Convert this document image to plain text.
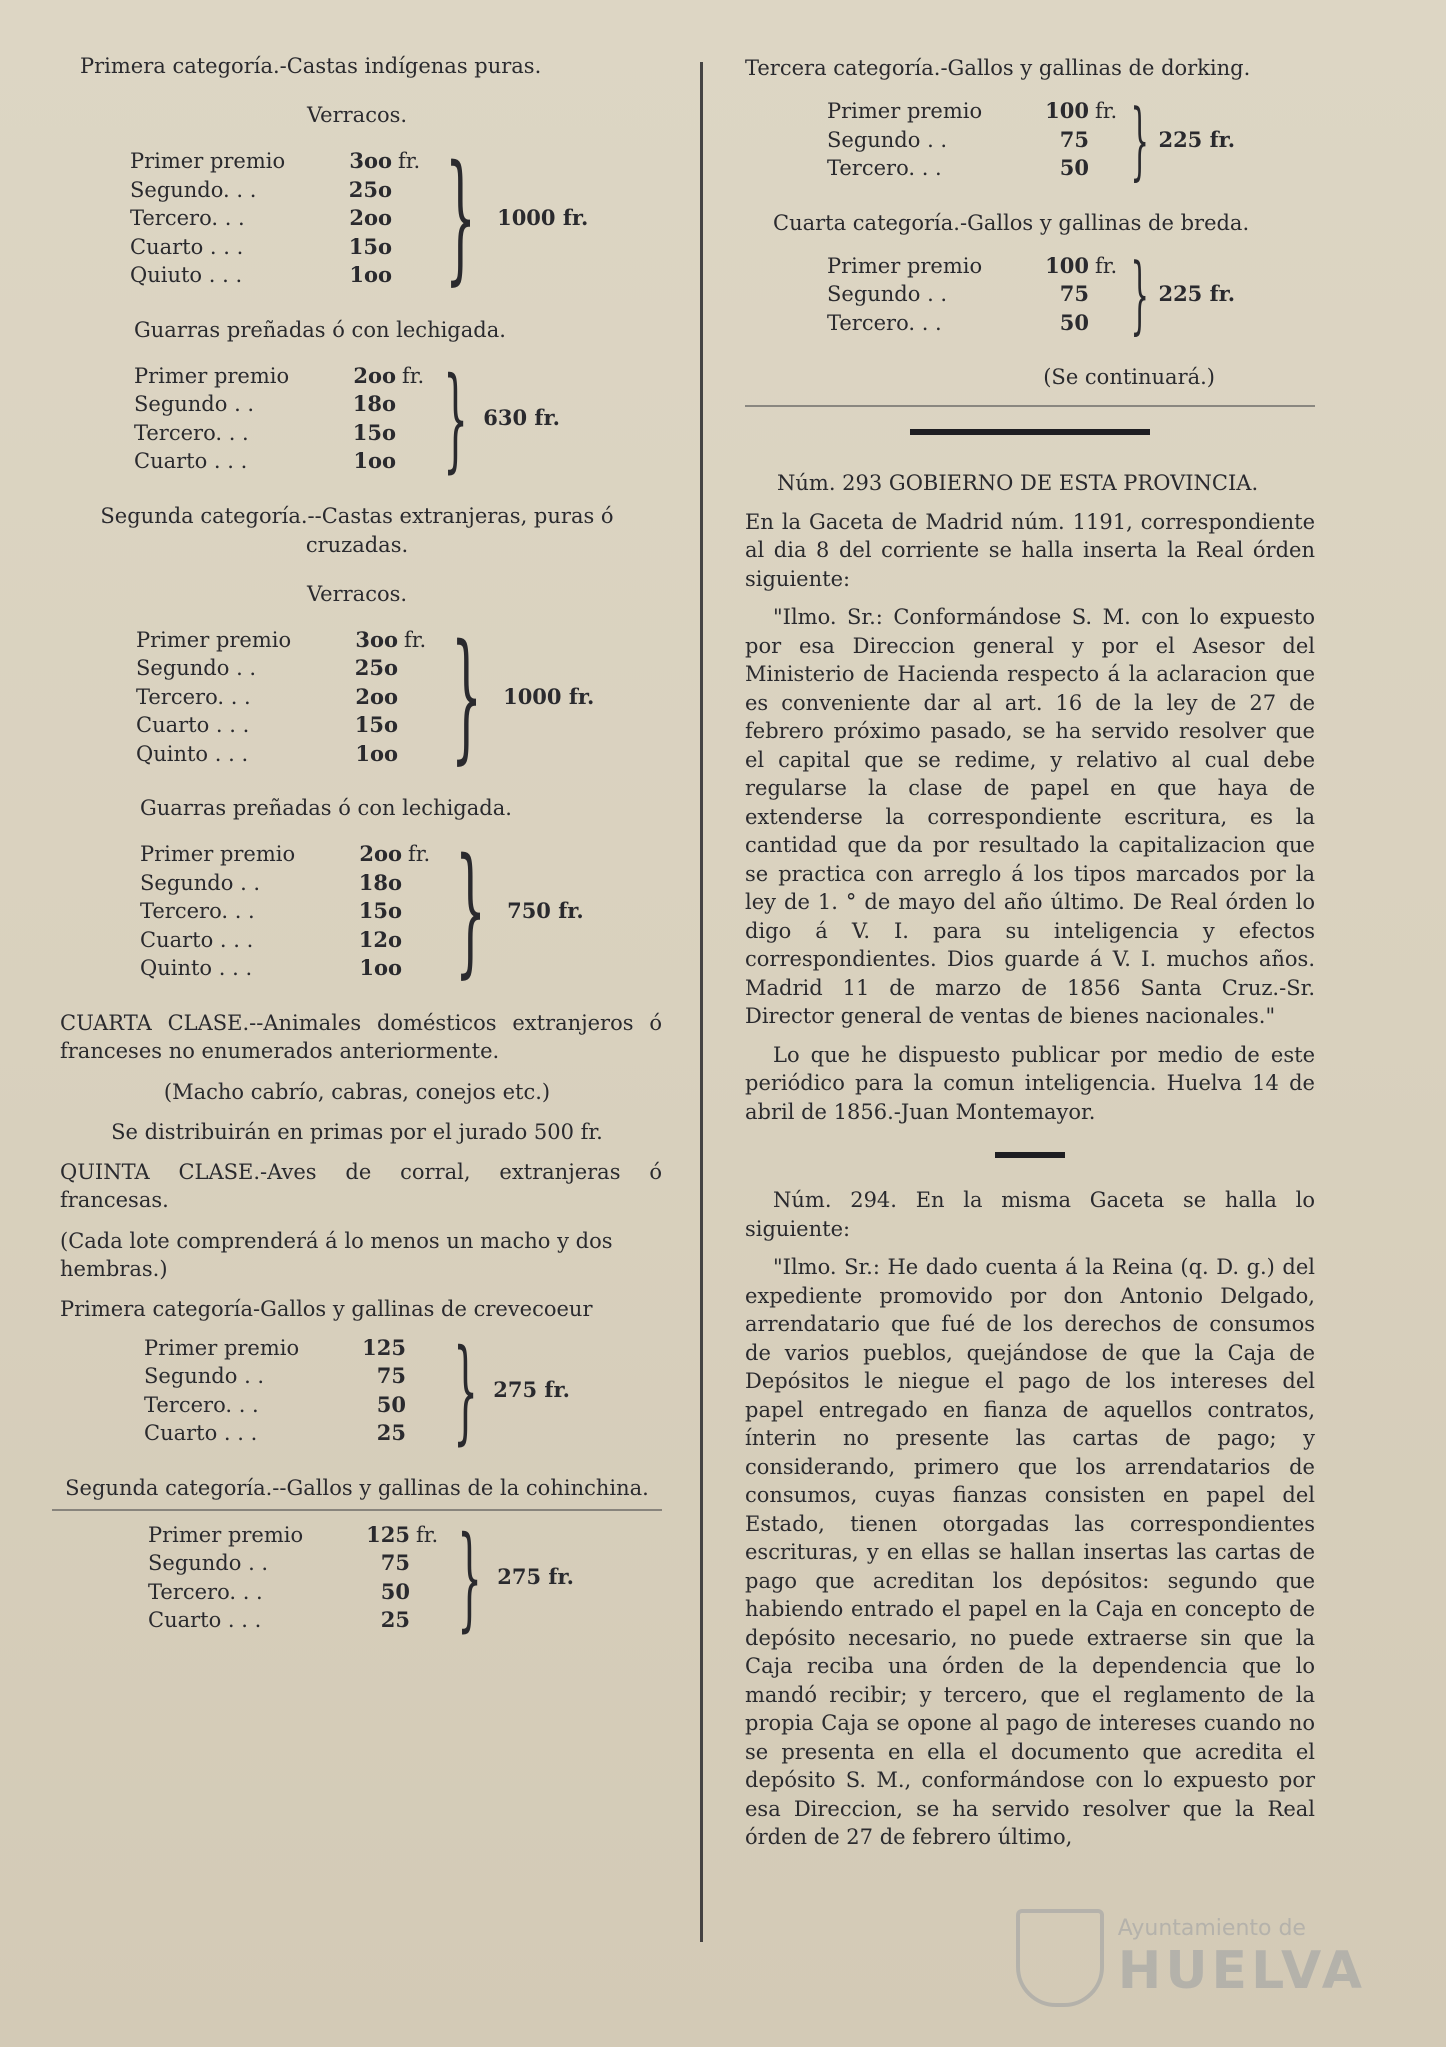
Primera categoría.-Castas indígenas puras.
Verracos.
Primer premio	3oo fr.
Segundo. . .	25o
Tercero. . .	2oo
Cuarto . . .	15o
Quiuto . . .	1oo } 1000 fr.
Guarras preñadas ó con lechigada.
Primer premio	2oo fr.
Segundo . .	18o
Tercero. . .	15o
Cuarto . . .	1oo } 630 fr.
Segunda categoría.--Castas extranjeras, puras ó cruzadas.
Verracos.
Primer premio	3oo fr.
Segundo . .	25o
Tercero. . .	2oo
Cuarto . . .	15o
Quinto . . .	1oo } 1000 fr.
Guarras preñadas ó con lechigada.
Primer premio	2oo fr.
Segundo . .	18o
Tercero. . .	15o
Cuarto . . .	12o
Quinto . . .	1oo } 750 fr.
CUARTA CLASE.--Animales domésticos extranjeros ó franceses no enumerados anteriormente.
(Macho cabrío, cabras, conejos etc.)
Se distribuirán en primas por el jurado 500 fr.
QUINTA CLASE.-Aves de corral, extranjeras ó francesas.
(Cada lote comprenderá á lo menos un macho y dos hembras.)
Primera categoría-Gallos y gallinas de crevecoeur
Primer premio	125
Segundo . .	75
Tercero. . .	50
Cuarto . . .	25 } 275 fr.
Segunda categoría.--Gallos y gallinas de la cohinchina.
Primer premio	125 fr.
Segundo . .	75
Tercero. . .	50
Cuarto . . .	25 } 275 fr.
Tercera categoría.-Gallos y gallinas de dorking.
Primer premio	100 fr.
Segundo . .	75
Tercero. . .	50 } 225 fr.
Cuarta categoría.-Gallos y gallinas de breda.
Primer premio	100 fr.
Segundo . .	75
Tercero. . .	50 } 225 fr.
(Se continuará.)
Núm. 293 GOBIERNO DE ESTA PROVINCIA.
En la Gaceta de Madrid núm. 1191, correspondiente al dia 8 del corriente se halla inserta la Real órden siguiente:
"Ilmo. Sr.: Conformándose S. M. con lo expuesto por esa Direccion general y por el Asesor del Ministerio de Hacienda respecto á la aclaracion que es conveniente dar al art. 16 de la ley de 27 de febrero próximo pasado, se ha servido resolver que el capital que se redime, y relativo al cual debe regularse la clase de papel en que haya de extenderse la correspondiente escritura, es la cantidad que da por resultado la capitalizacion que se practica con arreglo á los tipos marcados por la ley de 1. ° de mayo del año último. De Real órden lo digo á V. I. para su inteligencia y efectos correspondientes. Dios guarde á V. I. muchos años. Madrid 11 de marzo de 1856 Santa Cruz.-Sr. Director general de ventas de bienes nacionales."
Lo que he dispuesto publicar por medio de este periódico para la comun inteligencia. Huelva 14 de abril de 1856.-Juan Montemayor.
Núm. 294. En la misma Gaceta se halla lo siguiente:
"Ilmo. Sr.: He dado cuenta á la Reina (q. D. g.) del expediente promovido por don Antonio Delgado, arrendatario que fué de los derechos de consumos de varios pueblos, quejándose de que la Caja de Depósitos le niegue el pago de los intereses del papel entregado en fianza de aquellos contratos, ínterin no presente las cartas de pago; y considerando, primero que los arrendatarios de consumos, cuyas fianzas consisten en papel del Estado, tienen otorgadas las correspondientes escrituras, y en ellas se hallan insertas las cartas de pago que acreditan los depósitos: segundo que habiendo entrado el papel en la Caja en concepto de depósito necesario, no puede extraerse sin que la Caja reciba una órden de la dependencia que lo mandó recibir; y tercero, que el reglamento de la propia Caja se opone al pago de intereses cuando no se presenta en ella el documento que acredita el depósito S. M., conformándose con lo expuesto por esa Direccion, se ha servido resolver que la Real órden de 27 de febrero último,
Ayuntamiento de
HUELVA
